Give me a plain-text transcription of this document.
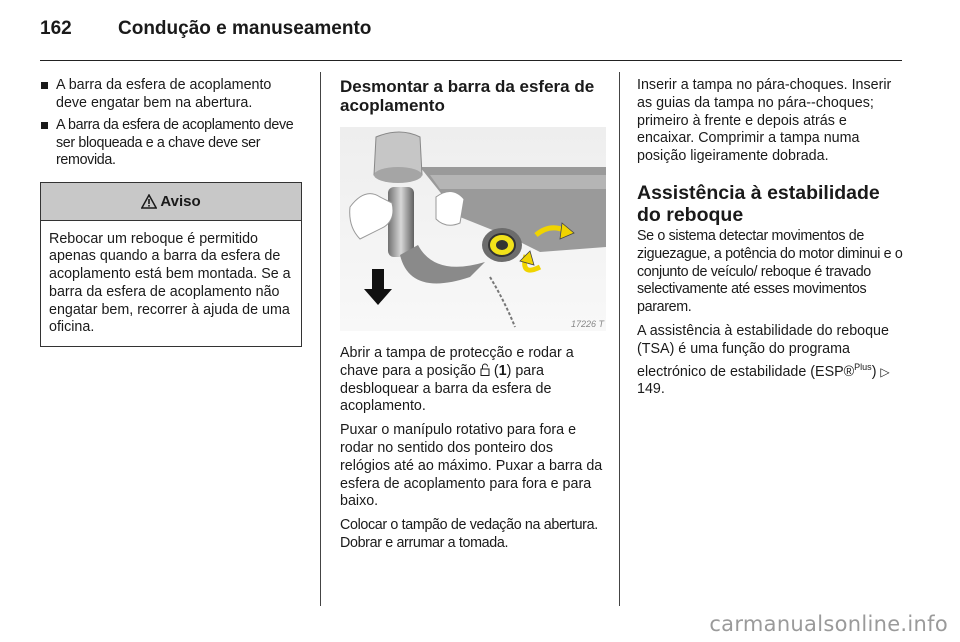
162	Condução e manuseamento
A barra da esfera de acoplamento deve engatar bem na abertura.
A barra da esfera de acoplamento deve ser bloqueada e a chave deve ser removida.
Aviso
Rebocar um reboque é permitido apenas quando a barra da esfera de acoplamento está bem montada. Se a barra da esfera de acoplamento não engatar bem, recorrer à ajuda de uma oficina.
Desmontar a barra da esfera de acoplamento
17226 T

Abrir a tampa de protecção e rodar a chave para a posição  (1) para desbloquear a barra da esfera de acoplamento.

Puxar o manípulo rotativo para fora e rodar no sentido dos ponteiro dos relógios até ao máximo. Puxar a barra da esfera de acoplamento para fora e para baixo.

Colocar o tampão de vedação na abertura. Dobrar e arrumar a tomada.

Inserir a tampa no pára-choques. Inserir as guias da tampa no pára--choques; primeiro à frente e depois atrás e encaixar. Comprimir a tampa numa posição ligeiramente dobrada.

Assistência à estabilidade do reboque

Se o sistema detectar movimentos de ziguezague, a potência do motor diminui e o conjunto de veículo/ reboque é travado selectivamente até esses movimentos pararem.

A assistência à estabilidade do reboque (TSA) é uma função do programa electrónico de estabilidade (ESP®$^{Plus}$) ▷ 149.

carmanualsonline.info
